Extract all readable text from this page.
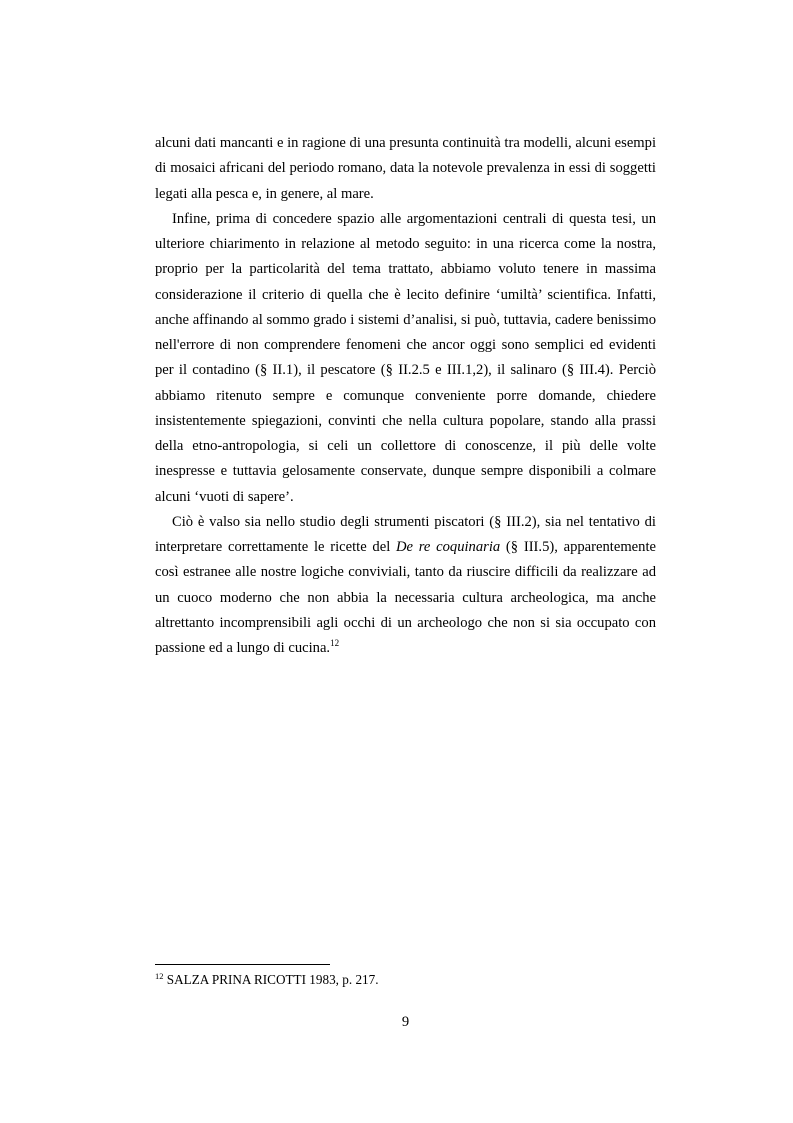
alcuni dati mancanti e in ragione di una presunta continuità tra modelli, alcuni esempi di mosaici africani del periodo romano, data la notevole prevalenza in essi di soggetti legati alla pesca e, in genere, al mare.

Infine, prima di concedere spazio alle argomentazioni centrali di questa tesi, un ulteriore chiarimento in relazione al metodo seguito: in una ricerca come la nostra, proprio per la particolarità del tema trattato, abbiamo voluto tenere in massima considerazione il criterio di quella che è lecito definire ‘umiltà’ scientifica. Infatti, anche affinando al sommo grado i sistemi d’analisi, si può, tuttavia, cadere benissimo nell'errore di non comprendere fenomeni che ancor oggi sono semplici ed evidenti per il contadino (§ II.1), il pescatore (§ II.2.5 e III.1,2), il salinaro (§ III.4). Perciò abbiamo ritenuto sempre e comunque conveniente porre domande, chiedere insistentemente spiegazioni, convinti che nella cultura popolare, stando alla prassi della etno-antropologia, si celi un collettore di conoscenze, il più delle volte inespresse e tuttavia gelosamente conservate, dunque sempre disponibili a colmare alcuni ‘vuoti di sapere’.

Ciò è valso sia nello studio degli strumenti piscatori (§ III.2), sia nel tentativo di interpretare correttamente le ricette del De re coquinaria (§ III.5), apparentemente così estranee alle nostre logiche conviviali, tanto da riuscire difficili da realizzare ad un cuoco moderno che non abbia la necessaria cultura archeologica, ma anche altrettanto incomprensibili agli occhi di un archeologo che non si sia occupato con passione ed a lungo di cucina.$^{12}$

$^{12}$ SALZA PRINA RICOTTI 1983, p. 217.
9
